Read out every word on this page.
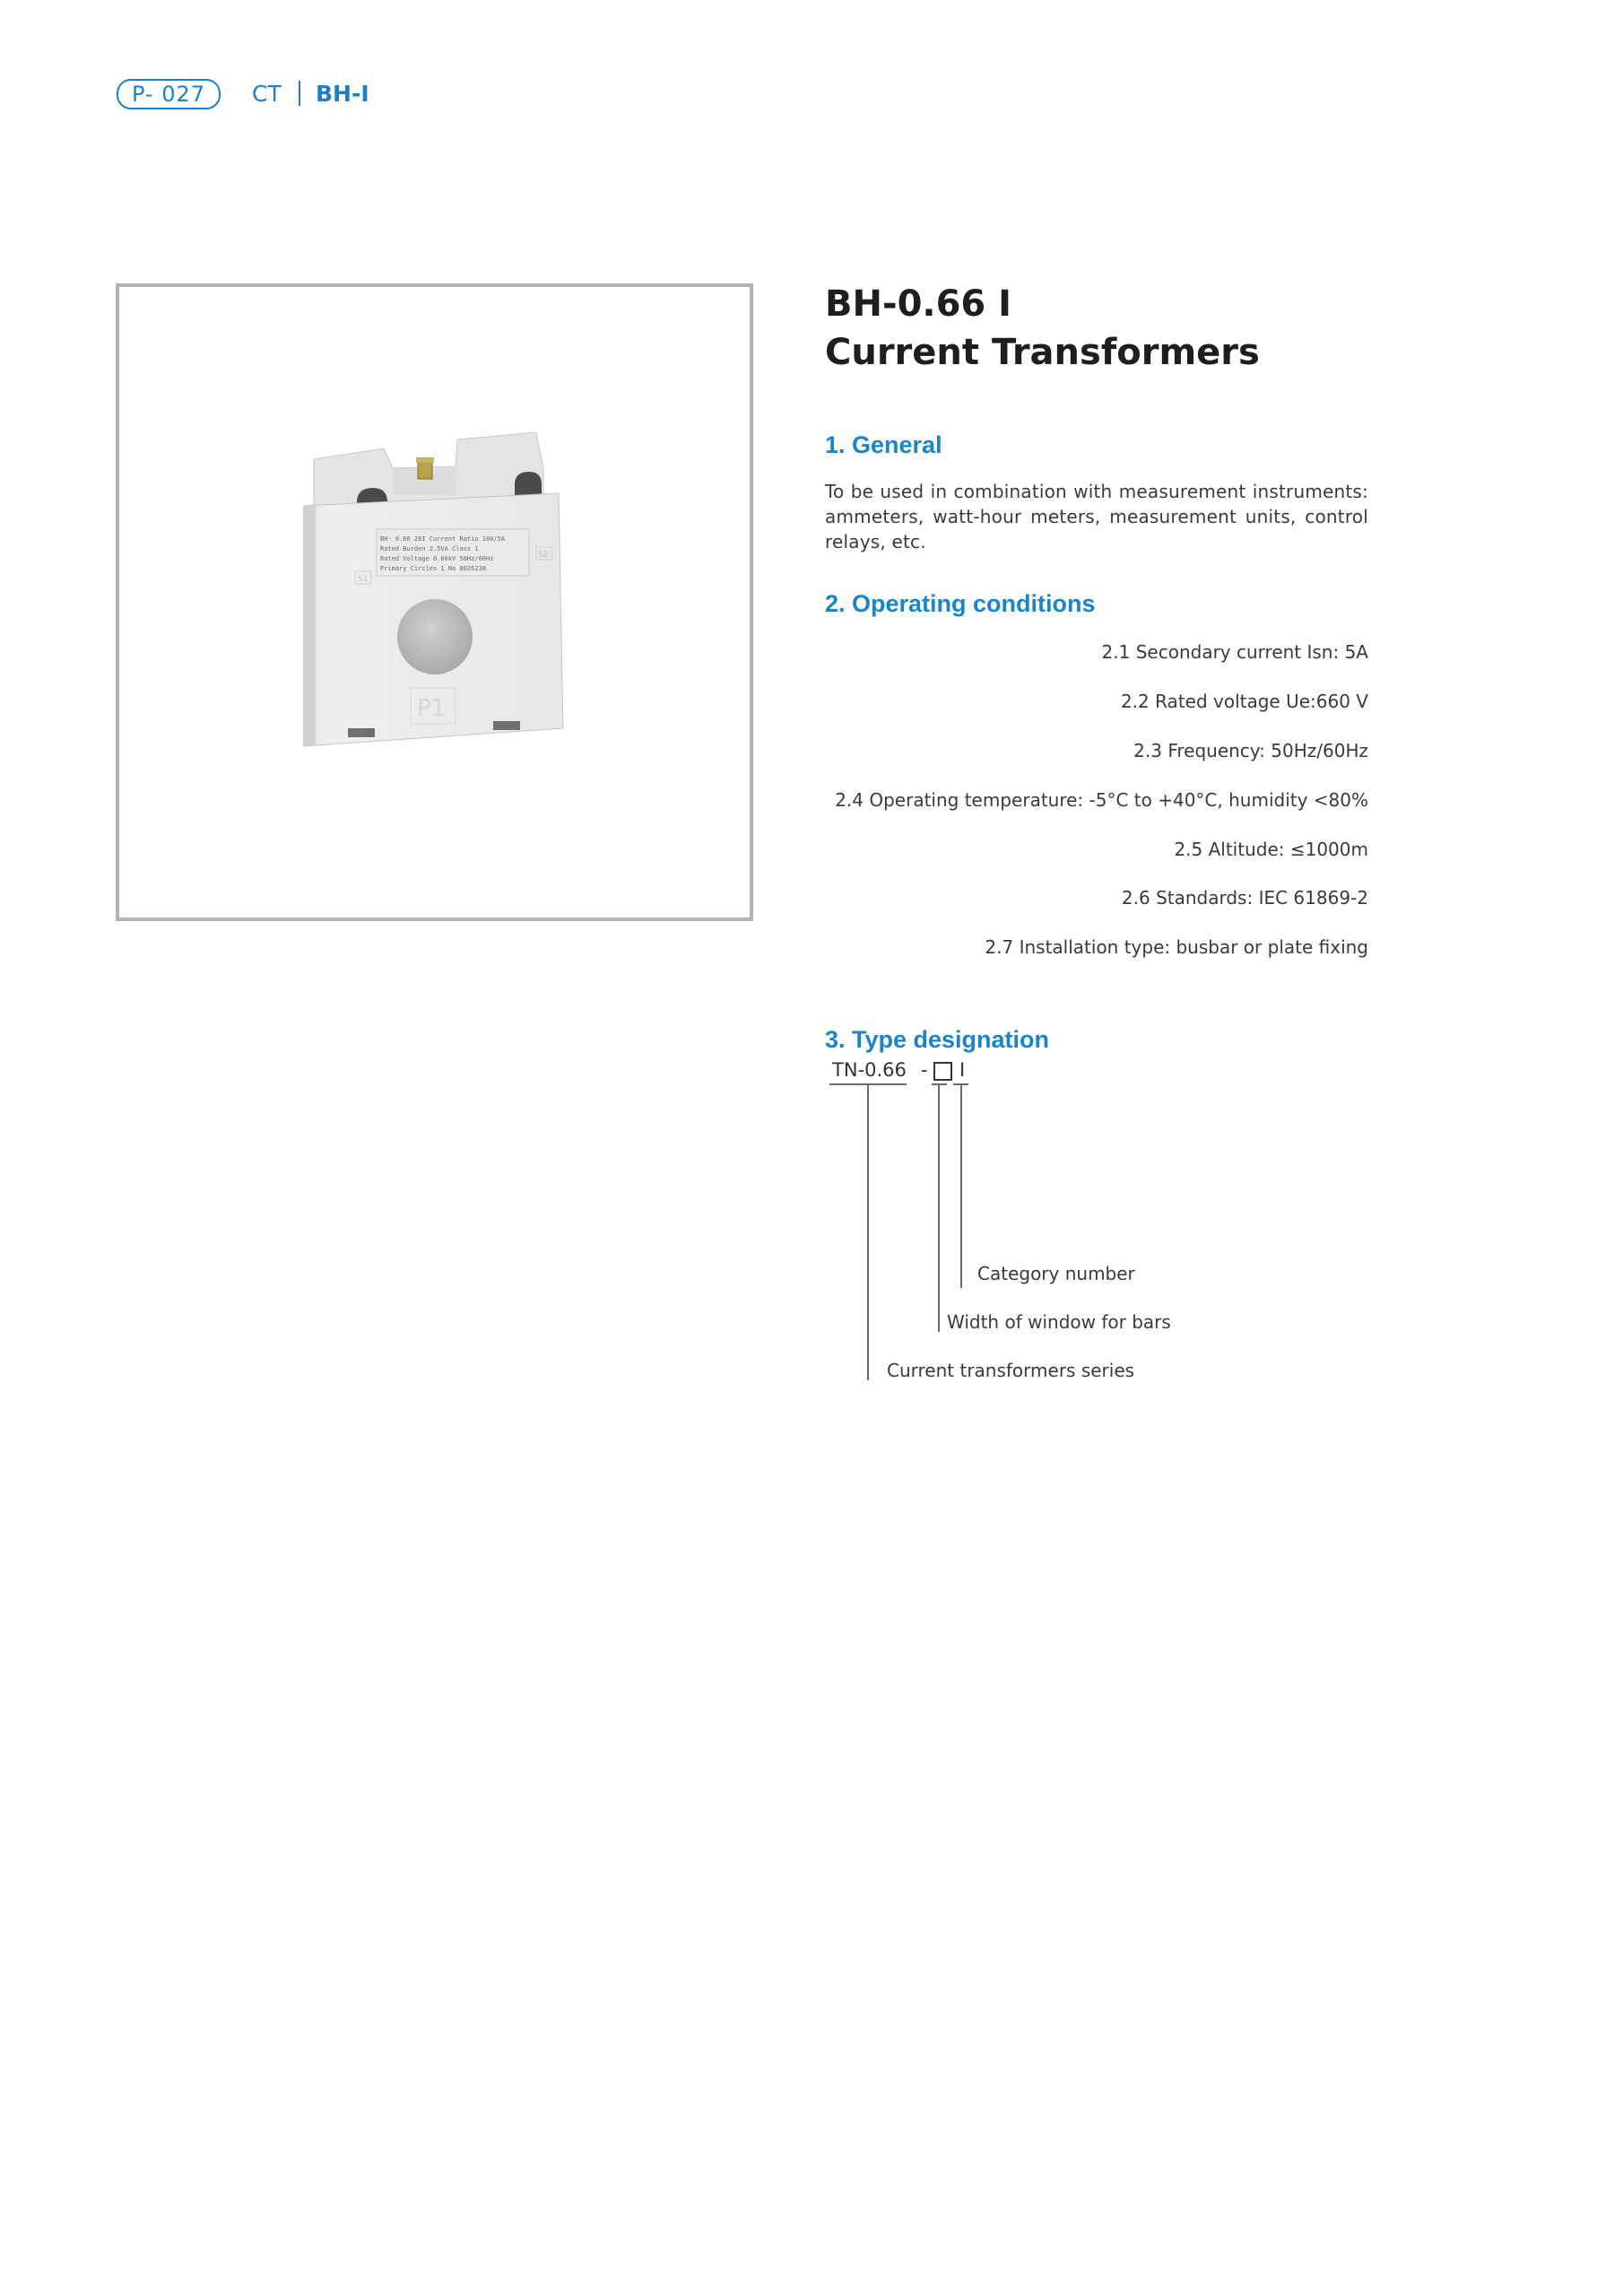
P- 027	CT BH-I
BH- 0.66 20I Current Ratio 100/5A
Rated Burden 2.5VA Class 1
Rated Voltage 0.66kV 50Hz/60Hz
Primary Circles 1 No 8026238
S1
S2
P1
BH-0.66 I
Current Transformers
1. General
To be used in combination with measurement instruments: ammeters, watt-hour meters, measurement units, control relays, etc.
2. Operating conditions
2.1 Secondary current Isn: 5A
2.2 Rated voltage Ue:660 V
2.3 Frequency: 50Hz/60Hz
2.4 Operating temperature: -5°C to +40°C, humidity <80%
2.5 Altitude: ≤1000m
2.6 Standards: IEC 61869-2
2.7 Installation type: busbar or plate fixing
3. Type designation
TN-0.66 - I
Category number
Width of window for bars
Current transformers series
